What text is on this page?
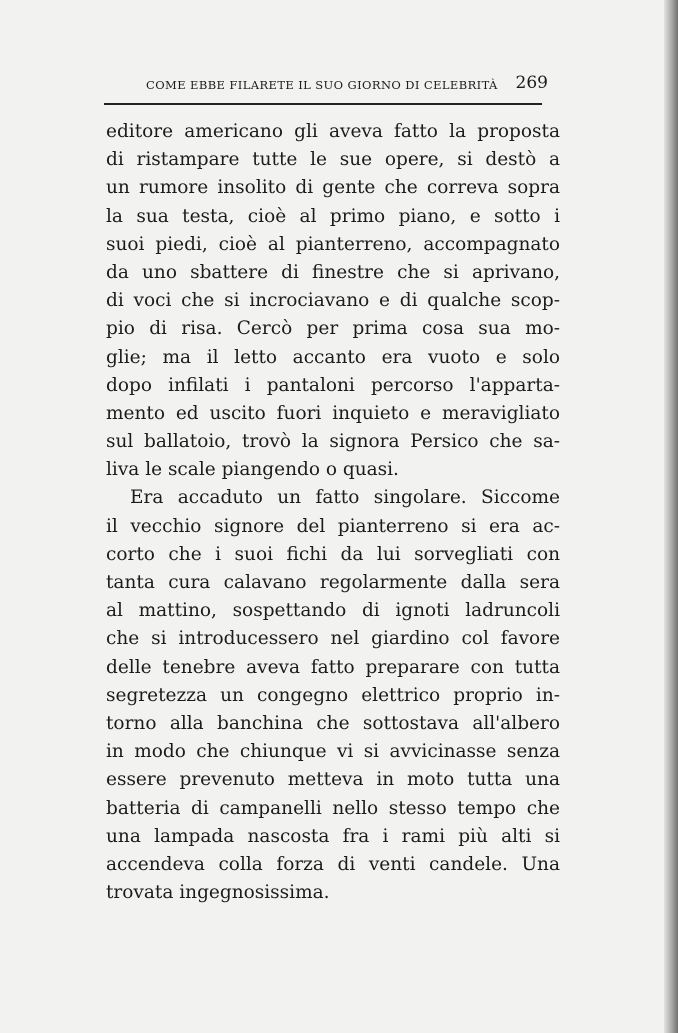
COME EBBE FILARETE IL SUO GIORNO DI CELEBRITÀ 269
editore americano gli aveva fatto la proposta
di ristampare tutte le sue opere, si destò a
un rumore insolito di gente che correva sopra
la sua testa, cioè al primo piano, e sotto i
suoi piedi, cioè al pianterreno, accompagnato
da uno sbattere di finestre che si aprivano,
di voci che si incrociavano e di qualche scop-
pio di risa. Cercò per prima cosa sua mo-
glie; ma il letto accanto era vuoto e solo
dopo infilati i pantaloni percorso l'apparta-
mento ed uscito fuori inquieto e meravigliato
sul ballatoio, trovò la signora Persico che sa-
liva le scale piangendo o quasi.
Era accaduto un fatto singolare. Siccome
il vecchio signore del pianterreno si era ac-
corto che i suoi fichi da lui sorvegliati con
tanta cura calavano regolarmente dalla sera
al mattino, sospettando di ignoti ladruncoli
che si introducessero nel giardino col favore
delle tenebre aveva fatto preparare con tutta
segretezza un congegno elettrico proprio in-
torno alla banchina che sottostava all'albero
in modo che chiunque vi si avvicinasse senza
essere prevenuto metteva in moto tutta una
batteria di campanelli nello stesso tempo che
una lampada nascosta fra i rami più alti si
accendeva colla forza di venti candele. Una
trovata ingegnosissima.
